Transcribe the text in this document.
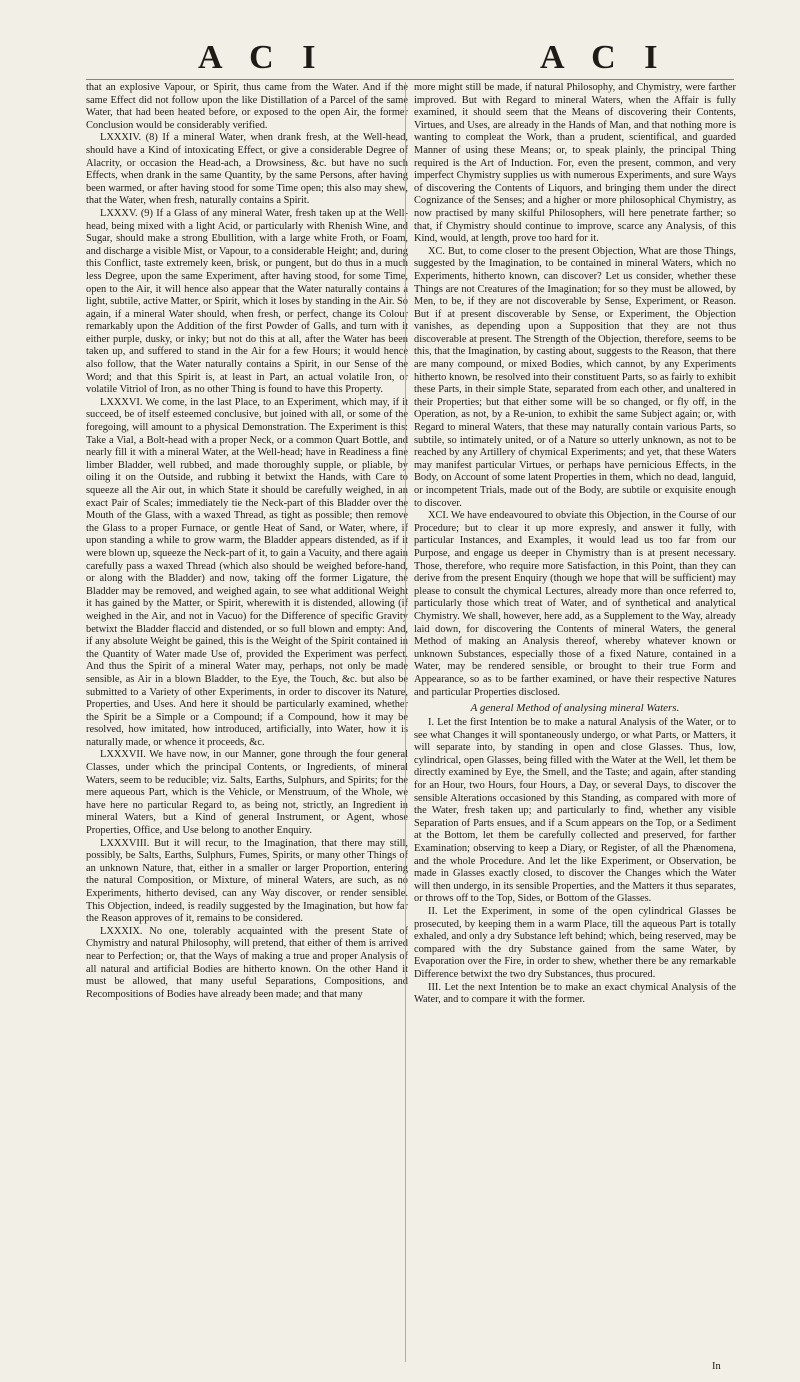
A C I	A C I

that an explosive Vapour, or Spirit, thus came from the Water. And if the same Effect did not follow upon the like Distillation of a Parcel of the same Water, that had been heated before, or exposed to the open Air, the former Conclusion would be considerably verified.

LXXXIV. (8) If a mineral Water, when drank fresh, at the Well-head, should have a Kind of intoxicating Effect, or give a considerable Degree of Alacrity, or occasion the Head-ach, a Drowsiness, &c. but have no such Effects, when drank in the same Quantity, by the same Persons, after having been warmed, or after having stood for some Time open; this also may shew, that the Water, when fresh, naturally contains a Spirit.

LXXXV. (9) If a Glass of any mineral Water, fresh taken up at the Well-head, being mixed with a light Acid, or particularly with Rhenish Wine, and Sugar, should make a strong Ebullition, with a large white Froth, or Foam, and discharge a visible Mist, or Vapour, to a considerable Height; and, during this Conflict, taste extremely keen, brisk, or pungent, but do thus in a much less Degree, upon the same Experiment, after having stood, for some Time, open to the Air, it will hence also appear that the Water naturally contains a light, subtile, active Matter, or Spirit, which it loses by standing in the Air. So again, if a mineral Water should, when fresh, or perfect, change its Colour remarkably upon the Addition of the first Powder of Galls, and turn with it either purple, dusky, or inky; but not do this at all, after the Water has been taken up, and suffered to stand in the Air for a few Hours; it would hence also follow, that the Water naturally contains a Spirit, in our Sense of the Word; and that this Spirit is, at least in Part, an actual volatile Iron, or volatile Vitriol of Iron, as no other Thing is found to have this Property.

LXXXVI. We come, in the last Place, to an Experiment, which may, if it succeed, be of itself esteemed conclusive, but joined with all, or some of the foregoing, will amount to a physical Demonstration. The Experiment is this: Take a Vial, a Bolt-head with a proper Neck, or a common Quart Bottle, and nearly fill it with a mineral Water, at the Well-head; have in Readiness a fine limber Bladder, well rubbed, and made thoroughly supple, or pliable, by oiling it on the Outside, and rubbing it betwixt the Hands, with Care to squeeze all the Air out, in which State it should be carefully weighed, in an exact Pair of Scales; immediately tie the Neck-part of this Bladder over the Mouth of the Glass, with a waxed Thread, as tight as possible; then remove the Glass to a proper Furnace, or gentle Heat of Sand, or Water, where, if upon standing a while to grow warm, the Bladder appears distended, as if it were blown up, squeeze the Neck-part of it, to gain a Vacuity, and there again carefully pass a waxed Thread (which also should be weighed before-hand, or along with the Bladder) and now, taking off the former Ligature, the Bladder may be removed, and weighed again, to see what additional Weight it has gained by the Matter, or Spirit, wherewith it is distended, allowing (if weighed in the Air, and not in Vacuo) for the Difference of specific Gravity betwixt the Bladder flaccid and distended, or so full blown and empty: And, if any absolute Weight be gained, this is the Weight of the Spirit contained in the Quantity of Water made Use of, provided the Experiment was perfect. And thus the Spirit of a mineral Water may, perhaps, not only be made sensible, as Air in a blown Bladder, to the Eye, the Touch, &c. but also be submitted to a Variety of other Experiments, in order to discover its Nature, Properties, and Uses. And here it should be particularly examined, whether the Spirit be a Simple or a Compound; if a Compound, how it may be resolved, how imitated, how introduced, artificially, into Water, how it is naturally made, or whence it proceeds, &c.

LXXXVII. We have now, in our Manner, gone through the four general Classes, under which the principal Contents, or Ingredients, of mineral Waters, seem to be reducible; viz. Salts, Earths, Sulphurs, and Spirits; for the mere aqueous Part, which is the Vehicle, or Menstruum, of the Whole, we have here no particular Regard to, as being not, strictly, an Ingredient in mineral Waters, but a Kind of general Instrument, or Agent, whose Properties, Office, and Use belong to another Enquiry.

LXXXVIII. But it will recur, to the Imagination, that there may still, possibly, be Salts, Earths, Sulphurs, Fumes, Spirits, or many other Things of an unknown Nature, that, either in a smaller or larger Proportion, entering the natural Composition, or Mixture, of mineral Waters, are such, as no Experiments, hitherto devised, can any Way discover, or render sensible. This Objection, indeed, is readily suggested by the Imagination, but how far the Reason approves of it, remains to be considered.

LXXXIX. No one, tolerably acquainted with the present State of Chymistry and natural Philosophy, will pretend, that either of them is arrived near to Perfection; or, that the Ways of making a true and proper Analysis of all natural and artificial Bodies are hitherto known. On the other Hand it must be allowed, that many useful Separations, Compositions, and Recompositions of Bodies have already been made; and that many

more might still be made, if natural Philosophy, and Chymistry, were farther improved. But with Regard to mineral Waters, when the Affair is fully examined, it should seem that the Means of discovering their Contents, Virtues, and Uses, are already in the Hands of Man, and that nothing more is wanting to compleat the Work, than a prudent, scientifical, and guarded Manner of using these Means; or, to speak plainly, the principal Thing required is the Art of Induction. For, even the present, common, and very imperfect Chymistry supplies us with numerous Experiments, and sure Ways of discovering the Contents of Liquors, and bringing them under the direct Cognizance of the Senses; and a higher or more philosophical Chymistry, as now practised by many skilful Philosophers, will here penetrate farther; so that, if Chymistry should continue to improve, scarce any Analysis, of this Kind, would, at length, prove too hard for it.

XC. But, to come closer to the present Objection, What are those Things, suggested by the Imagination, to be contained in mineral Waters, which no Experiments, hitherto known, can discover? Let us consider, whether these Things are not Creatures of the Imagination; for so they must be allowed, by Men, to be, if they are not discoverable by Sense, Experiment, or Reason. But if at present discoverable by Sense, or Experiment, the Objection vanishes, as depending upon a Supposition that they are not thus discoverable at present. The Strength of the Objection, therefore, seems to be this, that the Imagination, by casting about, suggests to the Reason, that there are many compound, or mixed Bodies, which cannot, by any Experiments hitherto known, be resolved into their constituent Parts, so as fairly to exhibit these Parts, in their simple State, separated from each other, and unaltered in their Properties; but that either some will be so changed, or fly off, in the Operation, as not, by a Re-union, to exhibit the same Subject again; or, with Regard to mineral Waters, that these may naturally contain various Parts, so subtile, so intimately united, or of a Nature so utterly unknown, as not to be reached by any Artillery of chymical Experiments; and yet, that these Waters may manifest particular Virtues, or perhaps have pernicious Effects, in the Body, on Account of some latent Properties in them, which no dead, languid, or incompetent Trials, made out of the Body, are subtile or exquisite enough to discover.

XCI. We have endeavoured to obviate this Objection, in the Course of our Procedure; but to clear it up more expresly, and answer it fully, with particular Instances, and Examples, it would lead us too far from our Purpose, and engage us deeper in Chymistry than is at present necessary. Those, therefore, who require more Satisfaction, in this Point, than they can derive from the present Enquiry (though we hope that will be sufficient) may please to consult the chymical Lectures, already more than once referred to, particularly those which treat of Water, and of synthetical and analytical Chymistry. We shall, however, here add, as a Supplement to the Way, already laid down, for discovering the Contents of mineral Waters, the general Method of making an Analysis thereof, whereby whatever known or unknown Substances, especially those of a fixed Nature, contained in a Water, may be rendered sensible, or brought to their true Form and Appearance, so as to be farther examined, or have their respective Natures and particular Properties disclosed.

A general Method of analysing mineral Waters.

I. Let the first Intention be to make a natural Analysis of the Water, or to see what Changes it will spontaneously undergo, or what Parts, or Matters, it will separate into, by standing in open and close Glasses. Thus, low, cylindrical, open Glasses, being filled with the Water at the Well, let them be directly examined by Eye, the Smell, and the Taste; and again, after standing for an Hour, two Hours, four Hours, a Day, or several Days, to discover the sensible Alterations occasioned by this Standing, as compared with more of the Water, fresh taken up; and particularly to find, whether any visible Separation of Parts ensues, and if a Scum appears on the Top, or a Sediment at the Bottom, let them be carefully collected and preserved, for farther Examination; observing to keep a Diary, or Register, of all the Phænomena, and the whole Procedure. And let the like Experiment, or Observation, be made in Glasses exactly closed, to discover the Changes which the Water will then undergo, in its sensible Properties, and the Matters it thus separates, or throws off to the Top, Sides, or Bottom of the Glasses.

II. Let the Experiment, in some of the open cylindrical Glasses be prosecuted, by keeping them in a warm Place, till the aqueous Part is totally exhaled, and only a dry Substance left behind; which, being reserved, may be compared with the dry Substance gained from the same Water, by Evaporation over the Fire, in order to shew, whether there be any remarkable Difference betwixt the two dry Substances, thus procured.

III. Let the next Intention be to make an exact chymical Analysis of the Water, and to compare it with the former.

In
